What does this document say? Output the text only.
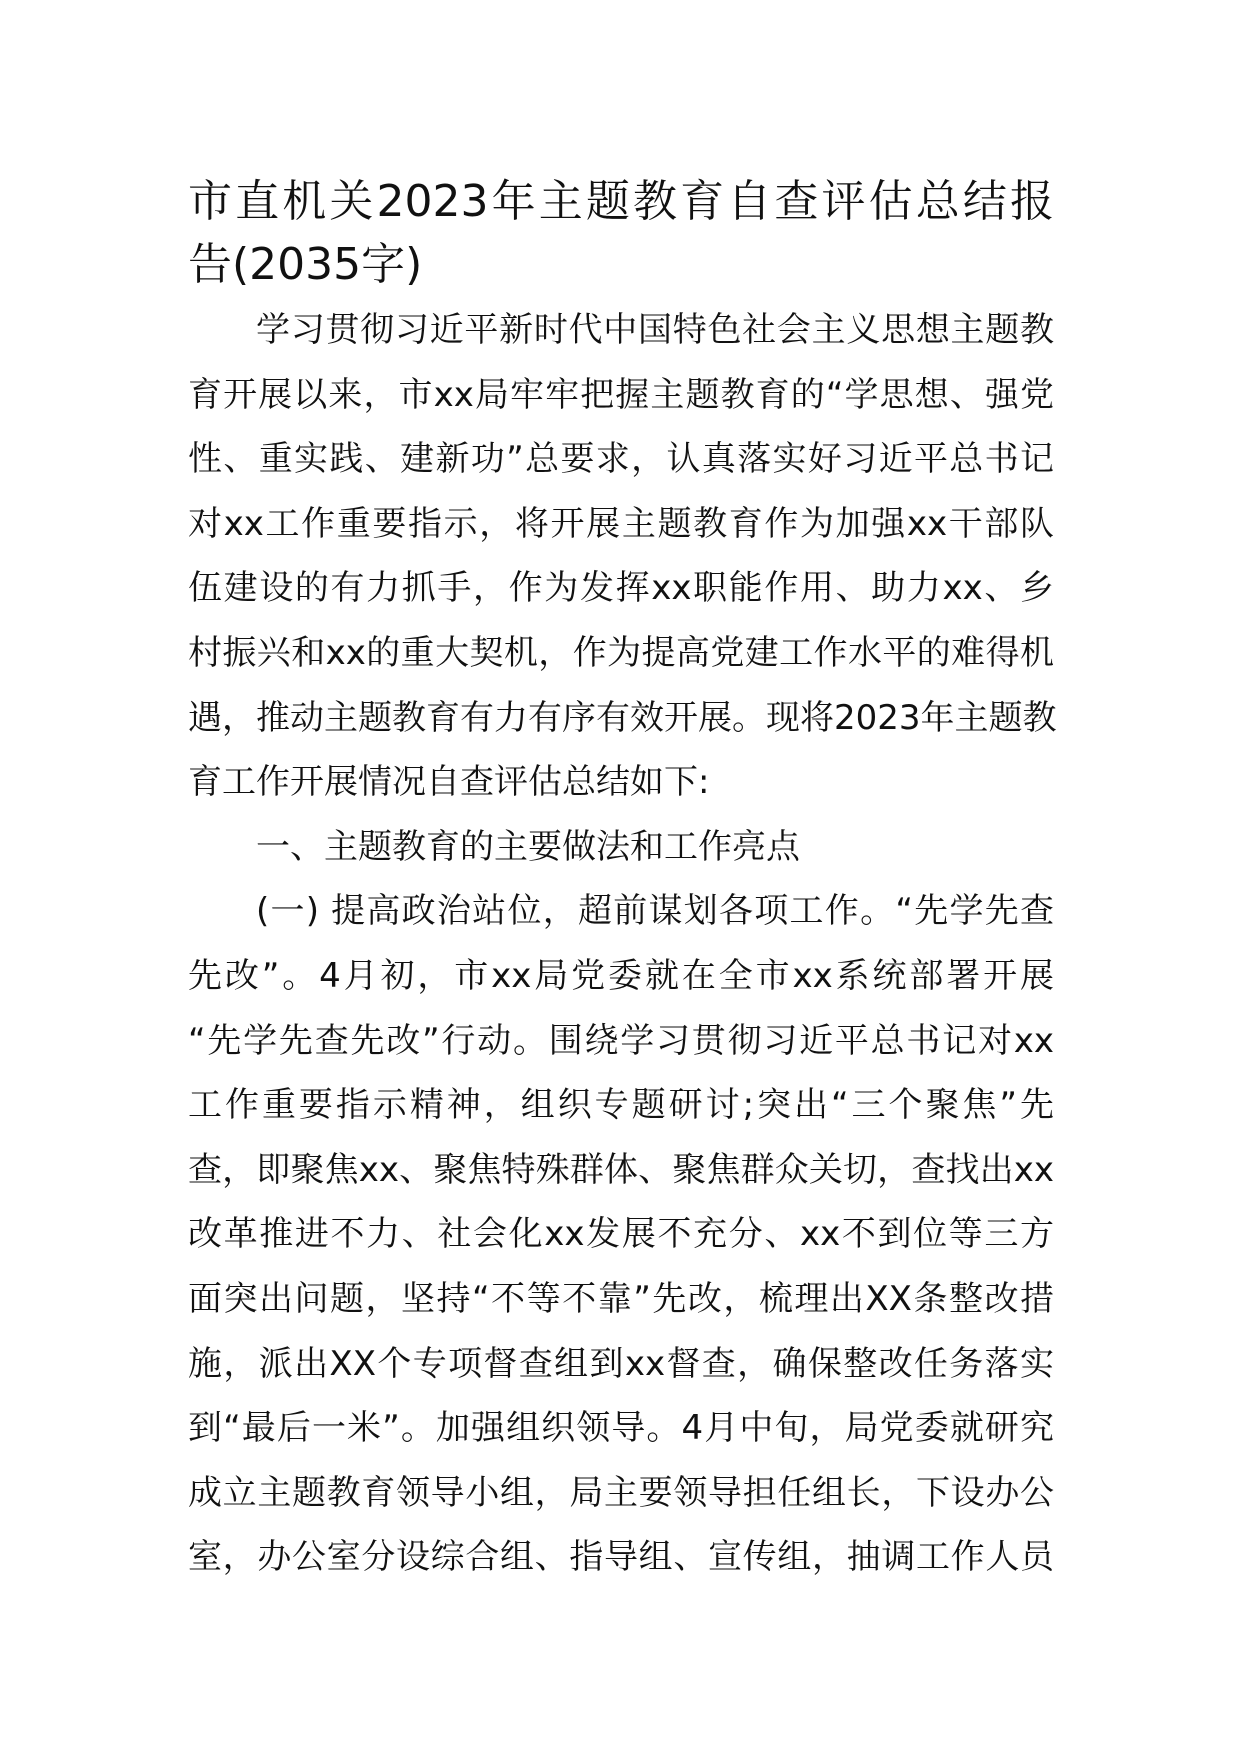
市直机关2023年主题教育自查评估总结报
告(2035字)
学习贯彻习近平新时代中国特色社会主义思想主题教
育开展以来，市xx局牢牢把握主题教育的“学思想、强党
性、重实践、建新功”总要求，认真落实好习近平总书记
对xx工作重要指示，将开展主题教育作为加强xx干部队
伍建设的有力抓手，作为发挥xx职能作用、助力xx、乡
村振兴和xx的重大契机，作为提高党建工作水平的难得机
遇，推动主题教育有力有序有效开展。现将2023年主题教
育工作开展情况自查评估总结如下:
一、主题教育的主要做法和工作亮点
(一) 提高政治站位，超前谋划各项工作。“先学先查
先改”。4月初，市xx局党委就在全市xx系统部署开展
“先学先查先改”行动。围绕学习贯彻习近平总书记对xx
工作重要指示精神，组织专题研讨;突出“三个聚焦”先
查，即聚焦xx、聚焦特殊群体、聚焦群众关切，查找出xx
改革推进不力、社会化xx发展不充分、xx不到位等三方
面突出问题，坚持“不等不靠”先改，梳理出XX条整改措
施，派出XX个专项督查组到xx督查，确保整改任务落实
到“最后一米”。加强组织领导。4月中旬，局党委就研究
成立主题教育领导小组，局主要领导担任组长，下设办公
室，办公室分设综合组、指导组、宣传组，抽调工作人员
